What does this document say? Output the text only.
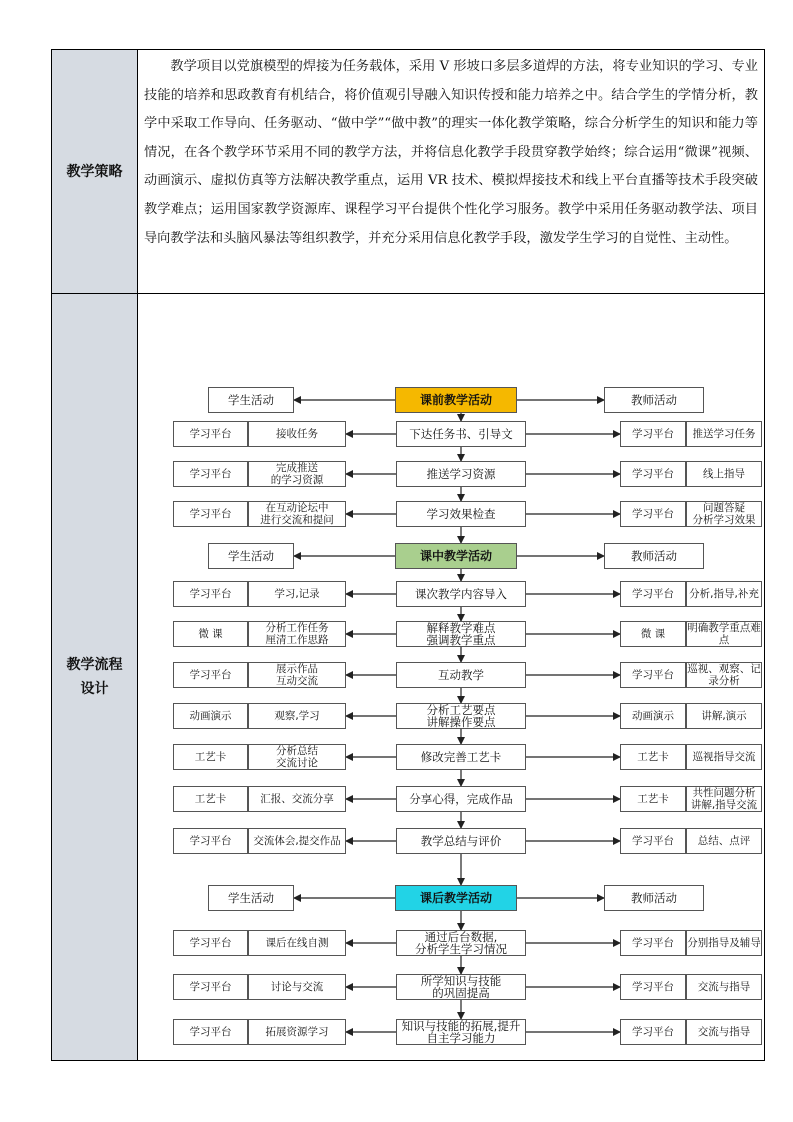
教学策略

教学项目以党旗模型的焊接为任务载体，采用 V 形坡口多层多道焊的方法，将专业知识的学习、专业技能的培养和思政教育有机结合，将价值观引导融入知识传授和能力培养之中。结合学生的学情分析，教学中采取工作导向、任务驱动、“做中学”“做中教”的理实一体化教学策略，综合分析学生的知识和能力等情况，在各个教学环节采用不同的教学方法，并将信息化教学手段贯穿教学始终；综合运用“微课”视频、动画演示、虚拟仿真等方法解决教学重点，运用 VR 技术、模拟焊接技术和线上平台直播等技术手段突破教学难点；运用国家教学资源库、课程学习平台提供个性化学习服务。教学中采用任务驱动教学法、项目导向教学法和头脑风暴法等组织教学，并充分采用信息化教学手段，激发学生学习的自觉性、主动性。

教学流程
设计
学生活动	课前教学活动	教师活动
学习平台	接收任务	下达任务书、引导文	学习平台	推送学习任务
学习平台	完成推送
的学习资源	推送学习资源	学习平台	线上指导
学习平台	在互动论坛中
进行交流和提问	学习效果检查	学习平台	问题答疑
分析学习效果
学生活动	课中教学活动	教师活动
学习平台	学习,记录	课次教学内容导入	学习平台	分析,指导,补充
微 课	分析工作任务
厘清工作思路
解释教学难点
强调教学重点	微 课	明确教学重点难点
学习平台	展示作品
互动交流	互动教学	学习平台	巡视、观察、记
录分析
动画演示	观察,学习	分析工艺要点
讲解操作要点	动画演示	讲解,演示
工艺卡	分析总结
交流讨论	修改完善工艺卡	工艺卡	巡视指导交流
工艺卡	汇报、交流分享	分享心得，完成作品	工艺卡	共性问题分析
讲解,指导交流
学习平台	交流体会,提交作品	教学总结与评价	学习平台	总结、点评
学生活动	课后教学活动	教师活动
学习平台	课后在线自测	通过后台数据,
分析学生学习情况	学习平台	分别指导及辅导
学习平台	讨论与交流	所学知识与技能
的巩固提高	学习平台	交流与指导
学习平台	拓展资源学习	知识与技能的拓展,提升
自主学习能力	学习平台	交流与指导
